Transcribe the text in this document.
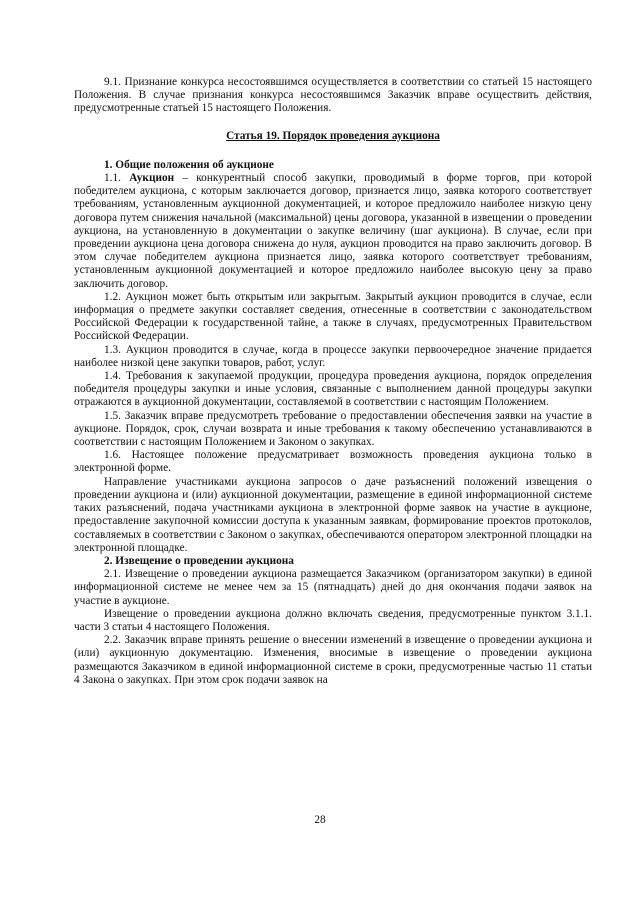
9.1. Признание конкурса несостоявшимся осуществляется в соответствии со статьей 15 настоящего Положения. В случае признания конкурса несостоявшимся Заказчик вправе осуществить действия, предусмотренные статьей 15 настоящего Положения.

Статья 19. Порядок проведения аукциона

1. Общие положения об аукционе

1.1. Аукцион – конкурентный способ закупки, проводимый в форме торгов, при которой победителем аукциона, с которым заключается договор, признается лицо, заявка которого соответствует требованиям, установленным аукционной документацией, и которое предложило наиболее низкую цену договора путем снижения начальной (максимальной) цены договора, указанной в извещении о проведении аукциона, на установленную в документации о закупке величину (шаг аукциона). В случае, если при проведении аукциона цена договора снижена до нуля, аукцион проводится на право заключить договор. В этом случае победителем аукциона признается лицо, заявка которого соответствует требованиям, установленным аукционной документацией и которое предложило наиболее высокую цену за право заключить договор.

1.2. Аукцион может быть открытым или закрытым. Закрытый аукцион проводится в случае, если информация о предмете закупки составляет сведения, отнесенные в соответствии с законодательством Российской Федерации к государственной тайне, а также в случаях, предусмотренных Правительством Российской Федерации.

1.3. Аукцион проводится в случае, когда в процессе закупки первоочередное значение придается наиболее низкой цене закупки товаров, работ, услуг.

1.4. Требования к закупаемой продукции, процедура проведения аукциона, порядок определения победителя процедуры закупки и иные условия, связанные с выполнением данной процедуры закупки отражаются в аукционной документации, составляемой в соответствии с настоящим Положением.

1.5. Заказчик вправе предусмотреть требование о предоставлении обеспечения заявки на участие в аукционе. Порядок, срок, случаи возврата и иные требования к такому обеспечению устанавливаются в соответствии с настоящим Положением и Законом о закупках.

1.6. Настоящее положение предусматривает возможность проведения аукциона только в электронной форме.

Направление участниками аукциона запросов о даче разъяснений положений извещения о проведении аукциона и (или) аукционной документации, размещение в единой информационной системе таких разъяснений, подача участниками аукциона в электронной форме заявок на участие в аукционе, предоставление закупочной комиссии доступа к указанным заявкам, формирование проектов протоколов, составляемых в соответствии с Законом о закупках, обеспечиваются оператором электронной площадки на электронной площадке.

2. Извещение о проведении аукциона

2.1. Извещение о проведении аукциона размещается Заказчиком (организатором закупки) в единой информационной системе не менее чем за 15 (пятнадцать) дней до дня окончания подачи заявок на участие в аукционе.

Извещение о проведении аукциона должно включать сведения, предусмотренные пунктом 3.1.1. части 3 статьи 4 настоящего Положения.

2.2. Заказчик вправе принять решение о внесении изменений в извещение о проведении аукциона и (или) аукционную документацию. Изменения, вносимые в извещение о проведении аукциона размещаются Заказчиком в единой информационной системе в сроки, предусмотренные частью 11 статьи 4 Закона о закупках. При этом срок подачи заявок на

28
